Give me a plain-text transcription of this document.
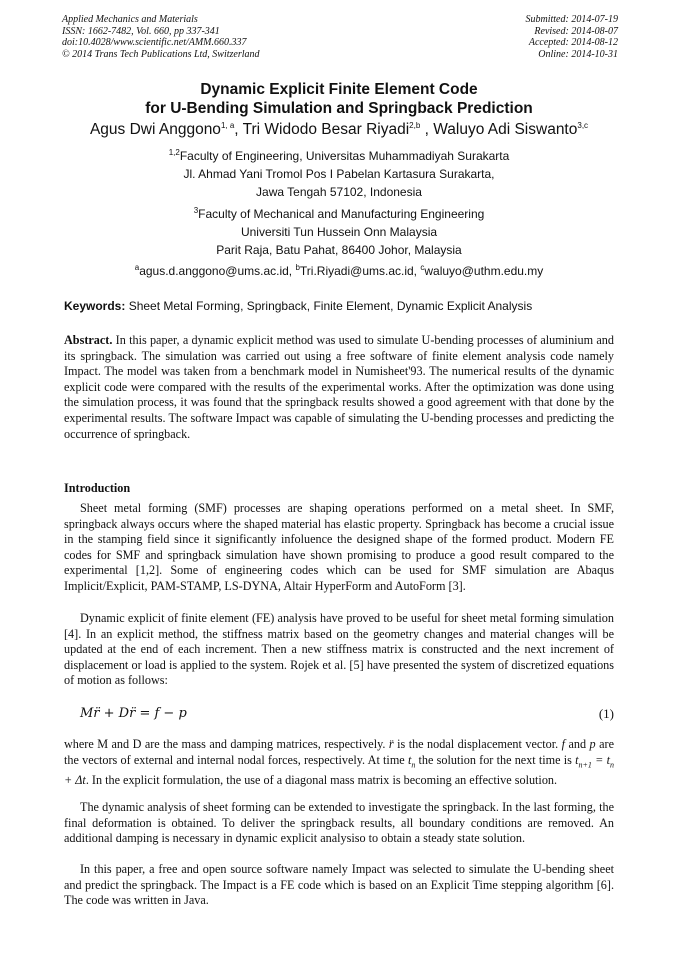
Applied Mechanics and Materials
ISSN: 1662-7482, Vol. 660, pp 337-341
doi:10.4028/www.scientific.net/AMM.660.337
© 2014 Trans Tech Publications Ltd, Switzerland
Submitted: 2014-07-19
Revised: 2014-08-07
Accepted: 2014-08-12
Online: 2014-10-31
Dynamic Explicit Finite Element Code
for U-Bending Simulation and Springback Prediction
Agus Dwi Anggono$^{1, a}$, Tri Widodo Besar Riyadi$^{2,b}$ , Waluyo Adi Siswanto$^{3,c}$
$^{1,2}$Faculty of Engineering, Universitas Muhammadiyah Surakarta
Jl. Ahmad Yani Tromol Pos I Pabelan Kartasura Surakarta,
Jawa Tengah 57102, Indonesia
$^3$Faculty of Mechanical and Manufacturing Engineering
Universiti Tun Hussein Onn Malaysia
Parit Raja, Batu Pahat, 86400 Johor, Malaysia
$^a$agus.d.anggono@ums.ac.id, $^b$Tri.Riyadi@ums.ac.id, $^c$waluyo@uthm.edu.my
Keywords: Sheet Metal Forming, Springback, Finite Element, Dynamic Explicit Analysis
Abstract. In this paper, a dynamic explicit method was used to simulate U-bending processes of aluminium and its springback. The simulation was carried out using a free software of finite element analysis code namely Impact. The model was taken from a benchmark model in Numisheet'93. The numerical results of the dynamic explicit code were compared with the results of the experimental works. After the optimization was done using the simulation process, it was found that the springback results showed a good agreement with that done by the experimental results. The software Impact was capable of simulating the U-bending processes and predicting the occurrence of springback.
Introduction
Sheet metal forming (SMF) processes are shaping operations performed on a metal sheet. In SMF, springback always occurs where the shaped material has elastic property. Springback has become a crucial issue in the stamping field since it significantly infoluence the designed shape of the formed product. Modern FE codes for SMF and springback simulation have shown promising to produce a good result compared to the experimental [1,2]. Some of engineering codes which can be used for SMF simulation are Abaqus Implicit/Explicit, PAM-STAMP, LS-DYNA, Altair HyperForm and AutoForm [3].
Dynamic explicit of finite element (FE) analysis have proved to be useful for sheet metal forming simulation [4]. In an explicit method, the stiffness matrix based on the geometry changes and material changes will be updated at the end of each increment. Then a new stiffness matrix is constructed and the next increment of displacement or load is applied to the system. Rojek et al. [5] have presented the system of discretized equations of motion as follows:
Mr̈ + Dr̈ = f − p	(1)
where M and D are the mass and damping matrices, respectively. r̈ is the nodal displacement vector. f and p are the vectors of external and internal nodal forces, respectively. At time $t_n$ the solution for the next time is $t_{n+1} = t_n + \Delta t$. In the explicit formulation, the use of a diagonal mass matrix is becoming an effective solution.
The dynamic analysis of sheet forming can be extended to investigate the springback. In the last forming, the final deformation is obtained. To deliver the springback results, all boundary conditions are removed. An additional damping is necessary in dynamic explicit analysiso to obtain a steady state solution.
In this paper, a free and open source software namely Impact was selected to simulate the U-bending sheet and predict the springback. The Impact is a FE code which is based on an Explicit Time stepping algorithm [6]. The code was written in Java.
